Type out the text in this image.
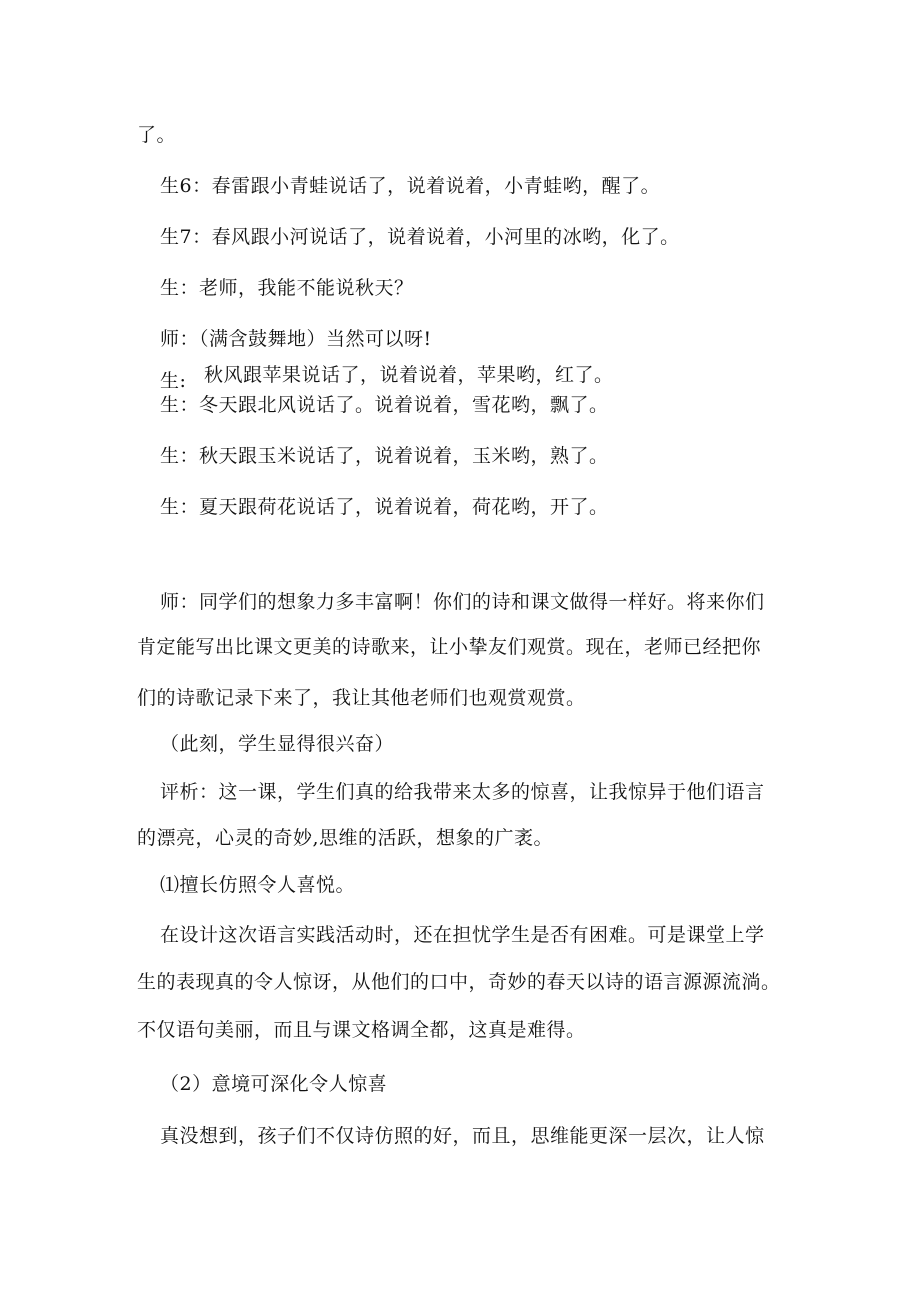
了。
生6：春雷跟小青蛙说话了，说着说着，小青蛙哟，醒了。
生7：春风跟小河说话了，说着说着，小河里的冰哟，化了。
生：老师，我能不能说秋天？
师：（满含鼓舞地）当然可以呀!
生: 秋风跟苹果说话了，说着说着，苹果哟，红了。
生：冬天跟北风说话了。说着说着，雪花哟，飘了。
生：秋天跟玉米说话了，说着说着，玉米哟，熟了。
生：夏天跟荷花说话了，说着说着，荷花哟，开了。
师：同学们的想象力多丰富啊！你们的诗和课文做得一样好。将来你们
肯定能写出比课文更美的诗歌来，让小挚友们观赏。现在，老师已经把你
们的诗歌记录下来了，我让其他老师们也观赏观赏。
（此刻，学生显得很兴奋）
评析：这一课，学生们真的给我带来太多的惊喜，让我惊异于他们语言
的漂亮，心灵的奇妙,思维的活跃，想象的广袤。
⑴擅长仿照令人喜悦。
在设计这次语言实践活动时，还在担忧学生是否有困难。可是课堂上学
生的表现真的令人惊讶，从他们的口中，奇妙的春天以诗的语言源源流淌。
不仅语句美丽，而且与课文格调全都，这真是难得。
（2）意境可深化令人惊喜
真没想到，孩子们不仅诗仿照的好，而且，思维能更深一层次，让人惊
